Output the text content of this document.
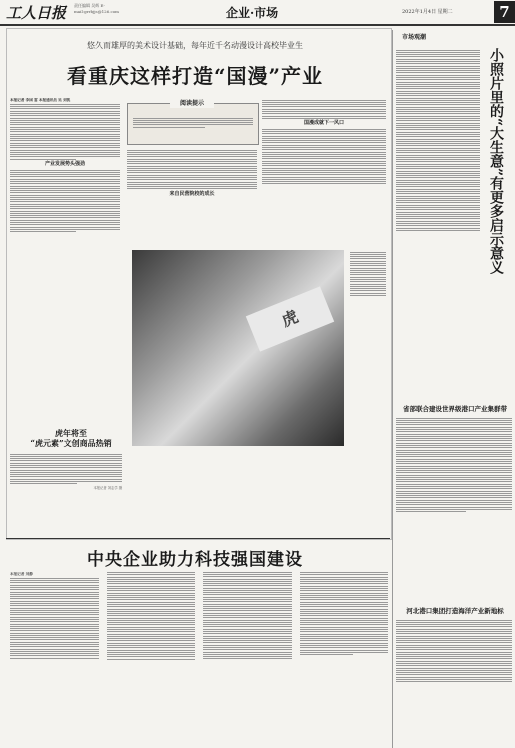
工人日报 责任编辑 吴辉 E-mail:grrbjjs@126.com	企业·市场	2022年1月4日 星期二	7
悠久而雄厚的美术设计基础，每年近千名动漫设计高校毕业生
看重庆这样打造“国漫”产业
阅读提示
本报记者 李国 雷 本报通讯员 吴 刘凯
产业发展势头强劲
来自民营院校的成长
国漫成就下一风口
虎
虎年将至
“虎元素”文创商品热销
本报记者 刘志学 摄
中央企业助力科技强国建设
本报记者 刘静
市场观潮
小照片里的“大生意”有更多启示意义
省部联合建设世界级港口产业集群带
河北港口集团打造海洋产业新地标
